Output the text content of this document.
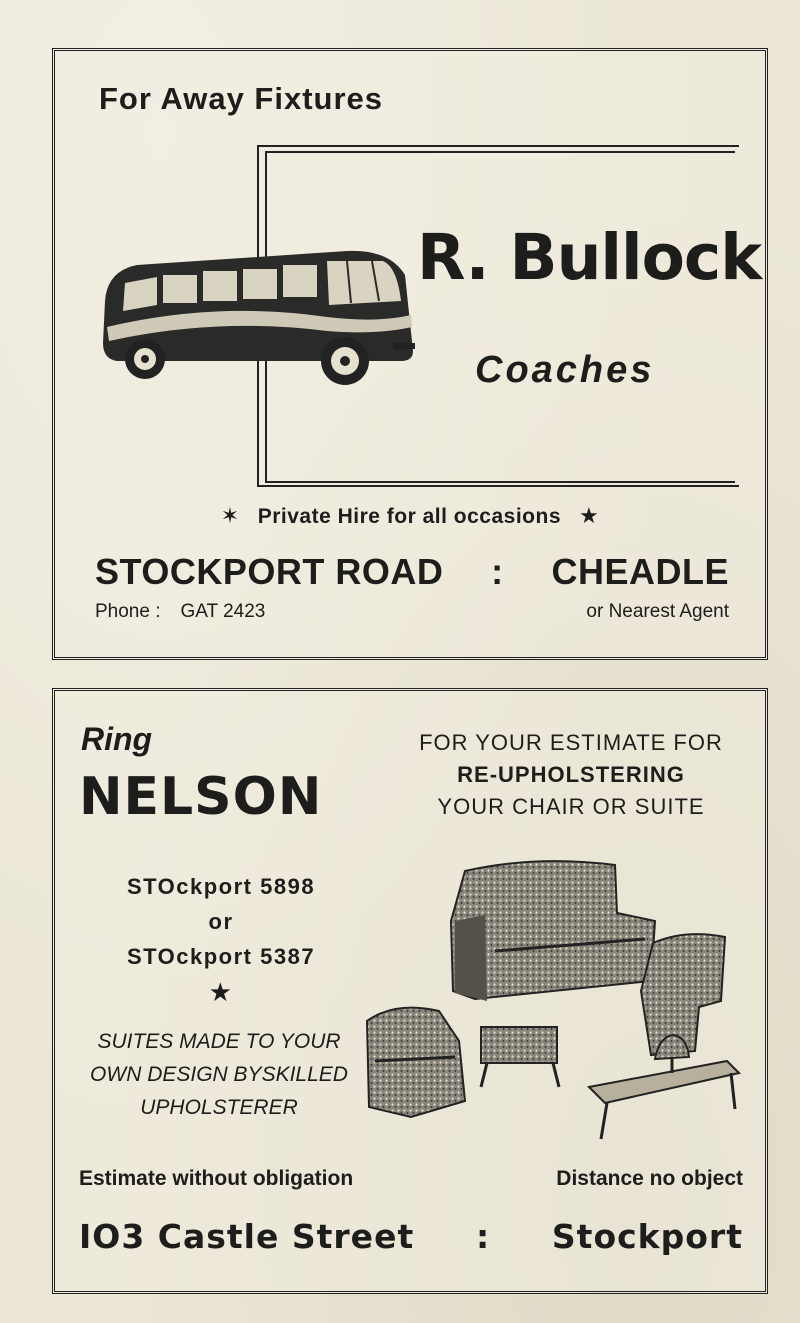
For Away Fixtures
R. Bullock
Coaches
✶ Private Hire for all occasions ★
STOCKPORT ROAD : CHEADLE
Phone : GAT 2423	or Nearest Agent
Ring
NELSON
FOR YOUR ESTIMATE FOR
RE-UPHOLSTERING
YOUR CHAIR OR SUITE
STOckport 5898
or
STOckport 5387
★
SUITES MADE TO YOUR
OWN DESIGN BYSKILLED
UPHOLSTERER
Estimate without obligation	Distance no object
IO3 Castle Street : Stockport
